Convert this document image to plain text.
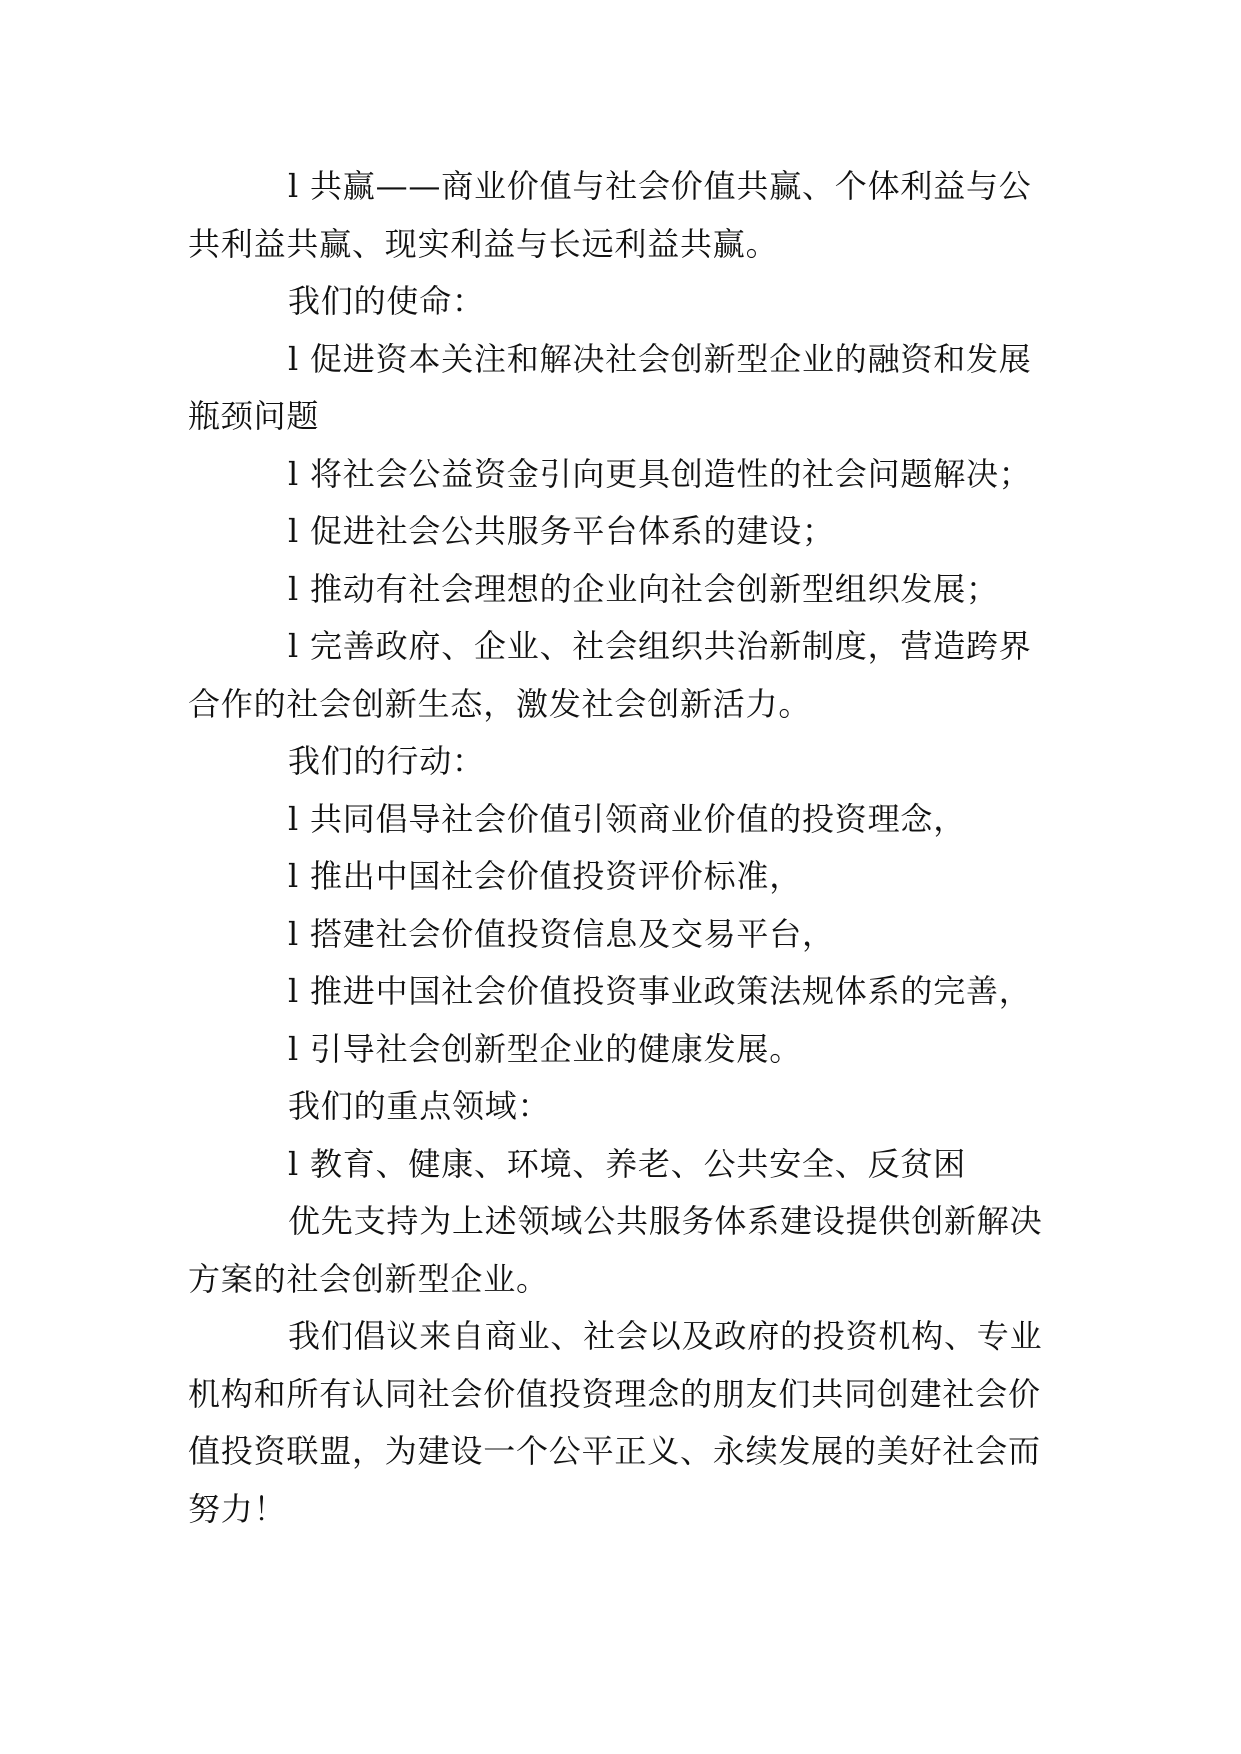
l 共赢——商业价值与社会价值共赢、个体利益与公共利益共赢、现实利益与长远利益共赢。

我们的使命：

l 促进资本关注和解决社会创新型企业的融资和发展瓶颈问题

l 将社会公益资金引向更具创造性的社会问题解决；

l 促进社会公共服务平台体系的建设；

l 推动有社会理想的企业向社会创新型组织发展；

l 完善政府、企业、社会组织共治新制度，营造跨界合作的社会创新生态，激发社会创新活力。

我们的行动：

l 共同倡导社会价值引领商业价值的投资理念，

l 推出中国社会价值投资评价标准，

l 搭建社会价值投资信息及交易平台，

l 推进中国社会价值投资事业政策法规体系的完善，

l 引导社会创新型企业的健康发展。

我们的重点领域：

l 教育、健康、环境、养老、公共安全、反贫困

优先支持为上述领域公共服务体系建设提供创新解决方案的社会创新型企业。

我们倡议来自商业、社会以及政府的投资机构、专业机构和所有认同社会价值投资理念的朋友们共同创建社会价值投资联盟，为建设一个公平正义、永续发展的美好社会而努力！
